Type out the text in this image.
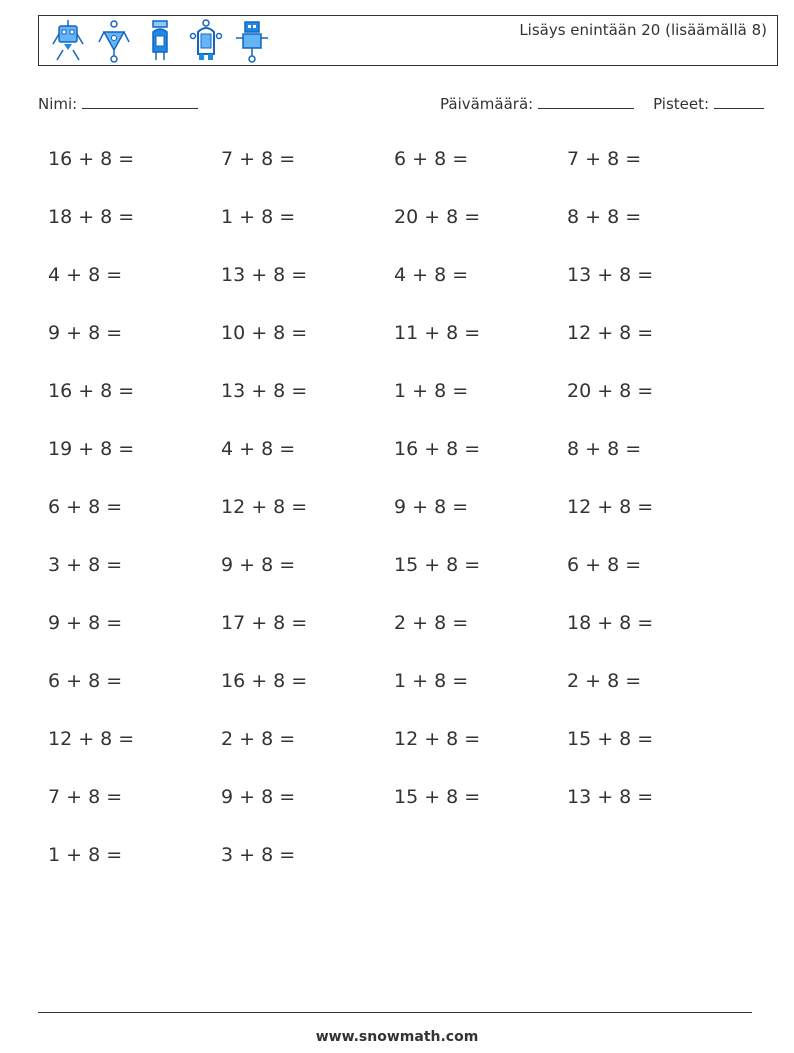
Lisäys enintään 20 (lisäämällä 8)
Nimi:	Päivämäärä:	Pisteet:
16 + 8 =	7 + 8 =	6 + 8 =	7 + 8 =
18 + 8 =	1 + 8 =	20 + 8 =	8 + 8 =
4 + 8 =	13 + 8 =	4 + 8 =	13 + 8 =
9 + 8 =	10 + 8 =	11 + 8 =	12 + 8 =
16 + 8 =	13 + 8 =	1 + 8 =	20 + 8 =
19 + 8 =	4 + 8 =	16 + 8 =	8 + 8 =
6 + 8 =	12 + 8 =	9 + 8 =	12 + 8 =
3 + 8 =	9 + 8 =	15 + 8 =	6 + 8 =
9 + 8 =	17 + 8 =	2 + 8 =	18 + 8 =
6 + 8 =	16 + 8 =	1 + 8 =	2 + 8 =
12 + 8 =	2 + 8 =	12 + 8 =	15 + 8 =
7 + 8 =	9 + 8 =	15 + 8 =	13 + 8 =
1 + 8 =	3 + 8 =
www.snowmath.com
